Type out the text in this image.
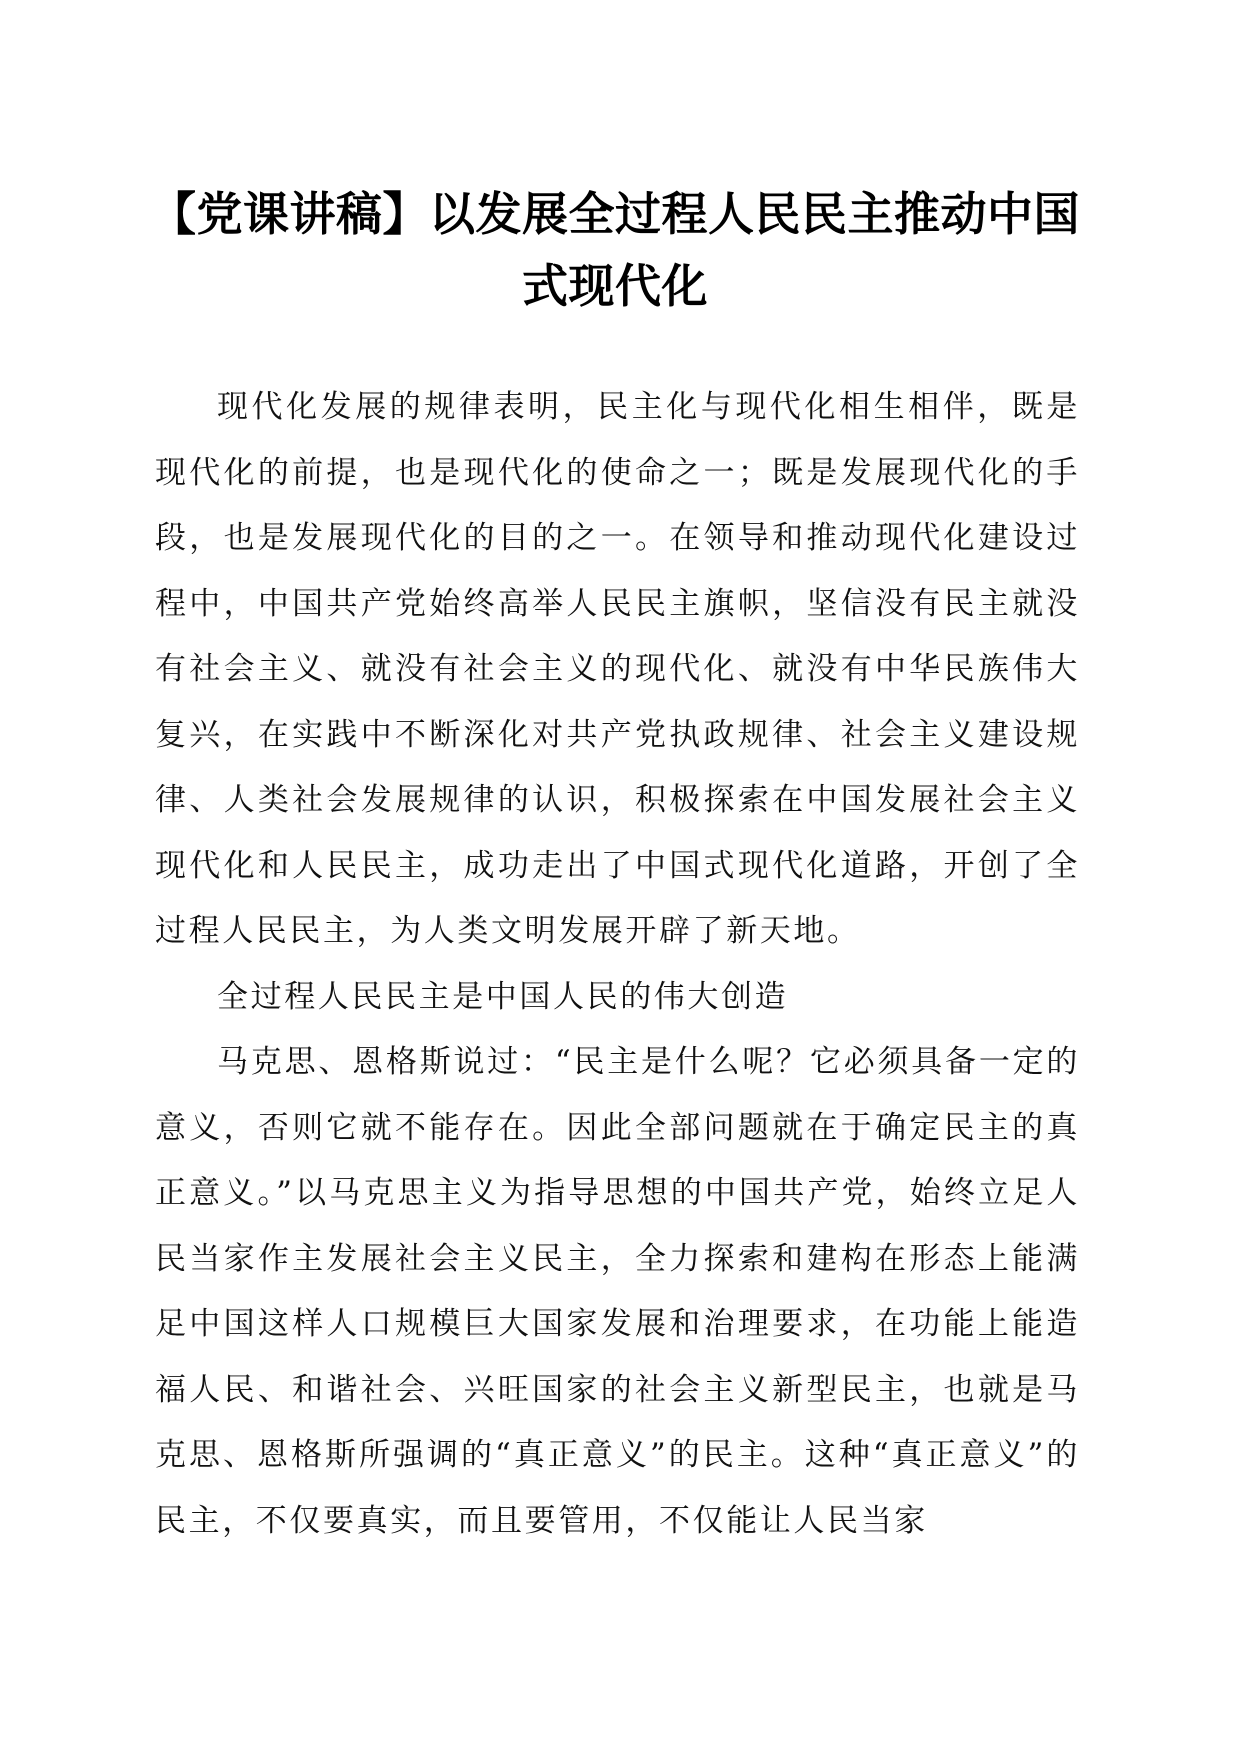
【党课讲稿】以发展全过程人民民主推动中国式现代化

现代化发展的规律表明，民主化与现代化相生相伴，既是现代化的前提，也是现代化的使命之一；既是发展现代化的手段，也是发展现代化的目的之一。在领导和推动现代化建设过程中，中国共产党始终高举人民民主旗帜，坚信没有民主就没有社会主义、就没有社会主义的现代化、就没有中华民族伟大复兴，在实践中不断深化对共产党执政规律、社会主义建设规律、人类社会发展规律的认识，积极探索在中国发展社会主义现代化和人民民主，成功走出了中国式现代化道路，开创了全过程人民民主，为人类文明发展开辟了新天地。

全过程人民民主是中国人民的伟大创造

马克思、恩格斯说过：“民主是什么呢？它必须具备一定的意义，否则它就不能存在。因此全部问题就在于确定民主的真正意义。”以马克思主义为指导思想的中国共产党，始终立足人民当家作主发展社会主义民主，全力探索和建构在形态上能满足中国这样人口规模巨大国家发展和治理要求，在功能上能造福人民、和谐社会、兴旺国家的社会主义新型民主，也就是马克思、恩格斯所强调的“真正意义”的民主。这种“真正意义”的民主，不仅要真实，而且要管用，不仅能让人民当家
